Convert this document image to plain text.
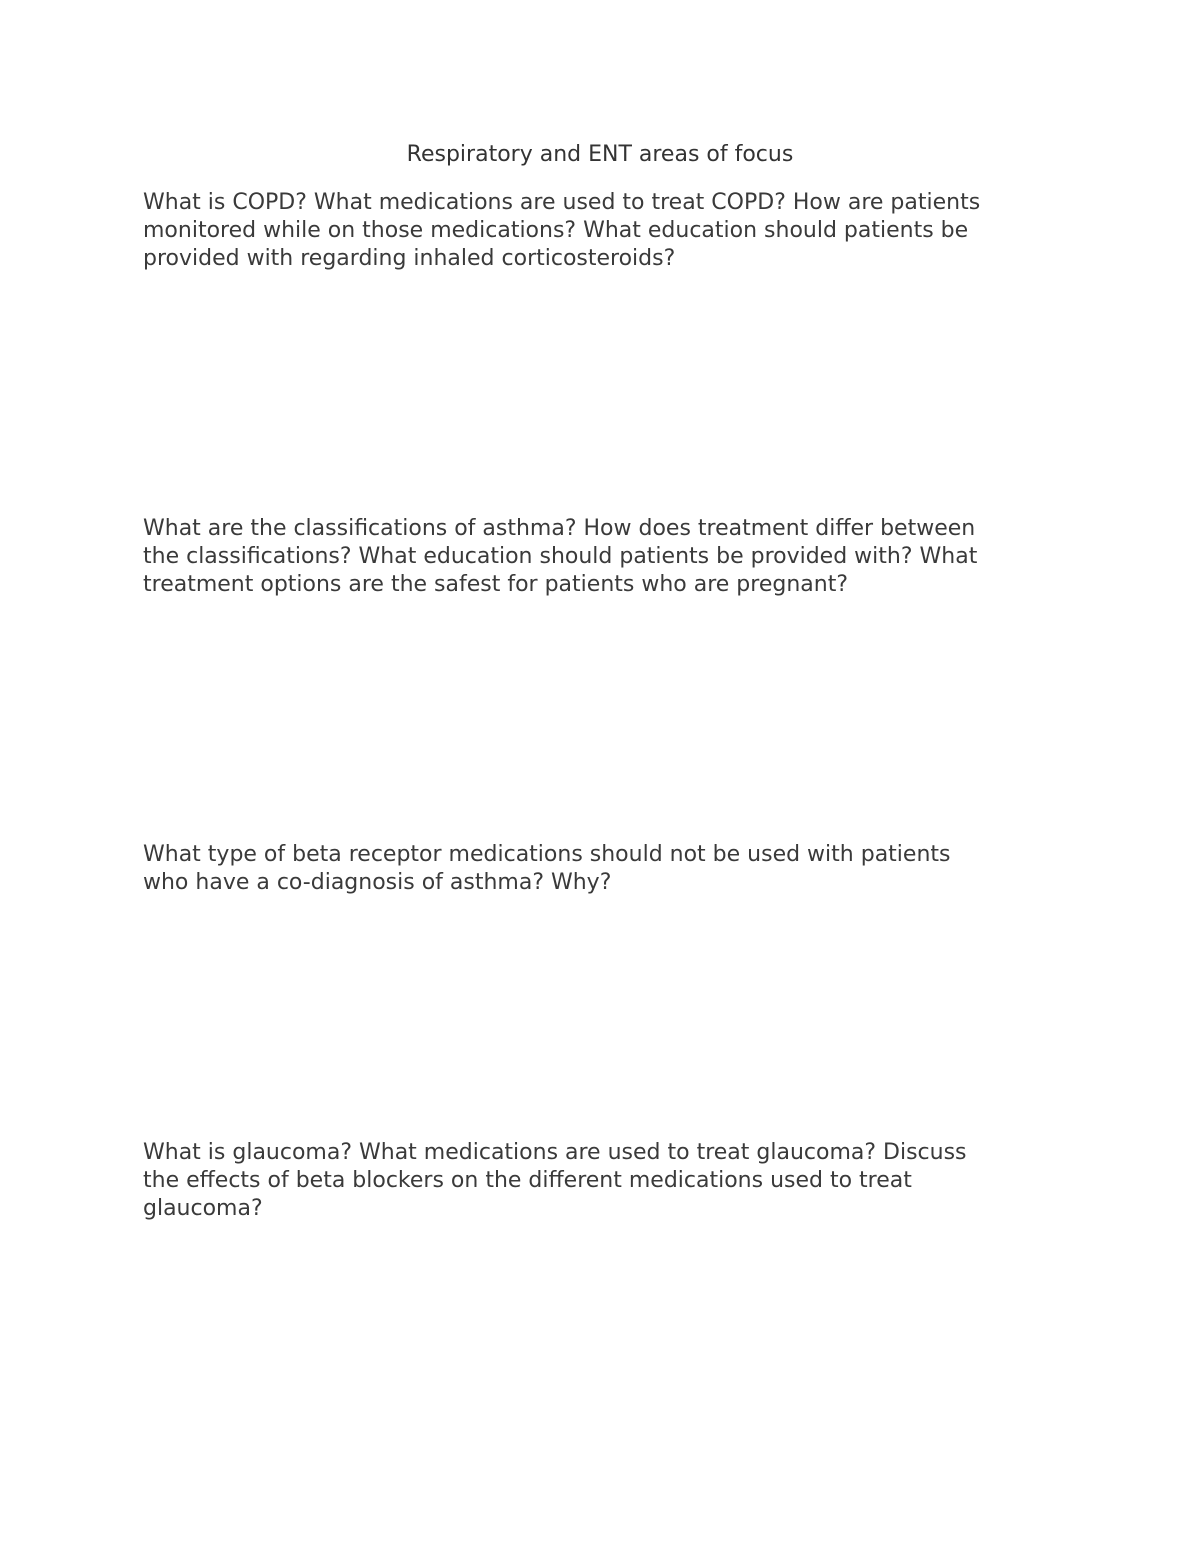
Respiratory and ENT areas of focus
What is COPD? What medications are used to treat COPD? How are patients
monitored while on those medications? What education should patients be
provided with regarding inhaled corticosteroids?
What are the classifications of asthma? How does treatment differ between
the classifications? What education should patients be provided with? What
treatment options are the safest for patients who are pregnant?
What type of beta receptor medications should not be used with patients
who have a co-diagnosis of asthma? Why?
What is glaucoma? What medications are used to treat glaucoma? Discuss
the effects of beta blockers on the different medications used to treat
glaucoma?
